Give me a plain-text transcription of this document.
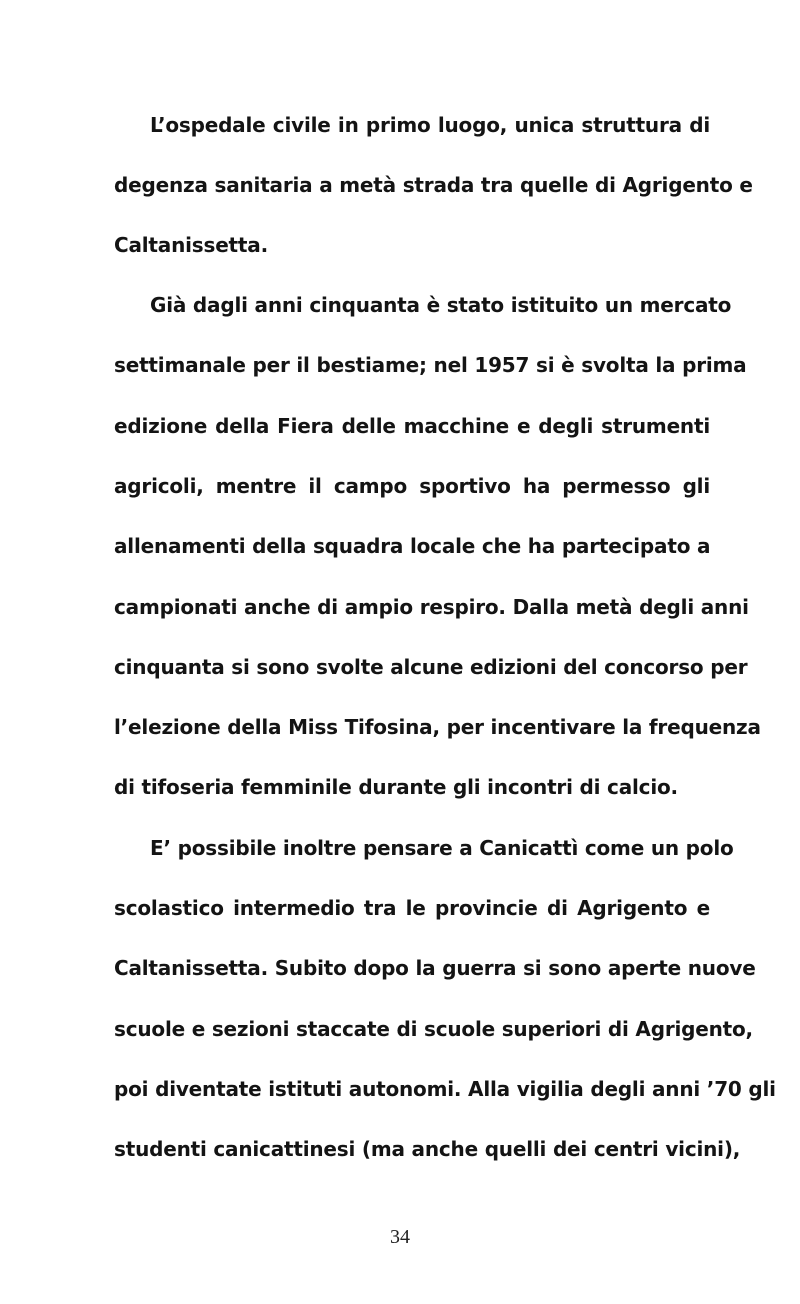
L’ospedale civile in primo luogo, unica struttura di
degenza sanitaria a metà strada tra quelle di Agrigento e
Caltanissetta.
Già dagli anni cinquanta è stato istituito un mercato
settimanale per il bestiame; nel 1957 si è svolta la prima
edizione della Fiera delle macchine e degli strumenti
agricoli, mentre il campo sportivo ha permesso gli
allenamenti della squadra locale che ha partecipato a
campionati anche di ampio respiro. Dalla metà degli anni
cinquanta si sono svolte alcune edizioni del concorso per
l’elezione della Miss Tifosina, per incentivare la frequenza
di tifoseria femminile durante gli incontri di calcio.
E’ possibile inoltre pensare a Canicattì come un polo
scolastico intermedio tra le provincie di Agrigento e
Caltanissetta. Subito dopo la guerra si sono aperte nuove
scuole e sezioni staccate di scuole superiori di Agrigento,
poi diventate istituti autonomi. Alla vigilia degli anni ’70 gli
studenti canicattinesi (ma anche quelli dei centri vicini),
34
